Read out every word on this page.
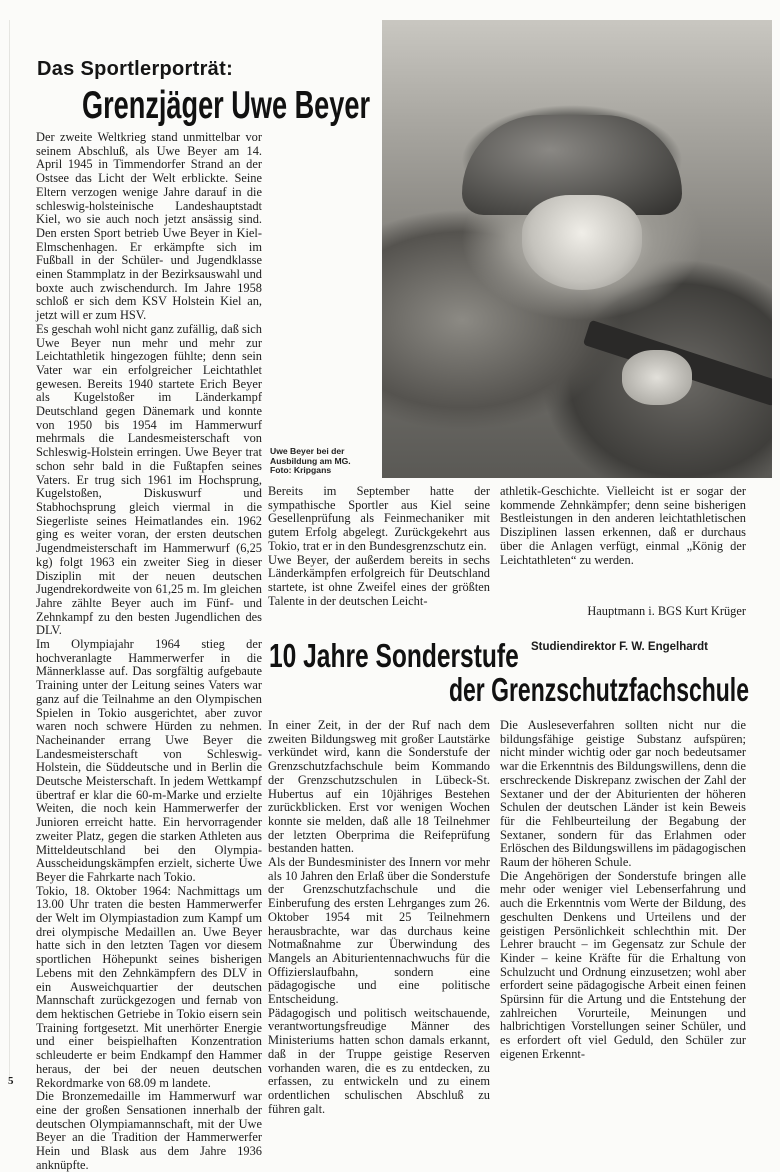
Das Sportlerporträt:
Grenzjäger Uwe Beyer

Der zweite Weltkrieg stand unmittelbar vor seinem Abschluß, als Uwe Beyer am 14. April 1945 in Timmendorfer Strand an der Ostsee das Licht der Welt erblickte. Seine Eltern verzogen wenige Jahre darauf in die schleswig-holsteinische Landeshauptstadt Kiel, wo sie auch noch jetzt ansässig sind. Den ersten Sport betrieb Uwe Beyer in Kiel-Elmschenhagen. Er erkämpfte sich im Fußball in der Schüler- und Jugendklasse einen Stammplatz in der Bezirksauswahl und boxte auch zwischendurch. Im Jahre 1958 schloß er sich dem KSV Holstein Kiel an, jetzt will er zum HSV.

Es geschah wohl nicht ganz zufällig, daß sich Uwe Beyer nun mehr und mehr zur Leichtathletik hingezogen fühlte; denn sein Vater war ein erfolgreicher Leichtathlet gewesen. Bereits 1940 startete Erich Beyer als Kugelstoßer im Länderkampf Deutschland gegen Dänemark und konnte von 1950 bis 1954 im Hammerwurf mehrmals die Landesmeisterschaft von Schleswig-Holstein erringen. Uwe Beyer trat schon sehr bald in die Fußtapfen seines Vaters. Er trug sich 1961 im Hochsprung, Kugelstoßen, Diskuswurf und Stabhochsprung gleich viermal in die Siegerliste seines Heimatlandes ein. 1962 ging es weiter voran, der ersten deutschen Jugendmeisterschaft im Hammerwurf (6,25 kg) folgt 1963 ein zweiter Sieg in dieser Disziplin mit der neuen deutschen Jugendrekordweite von 61,25 m. Im gleichen Jahre zählte Beyer auch im Fünf- und Zehnkampf zu den besten Jugendlichen des DLV.

Im Olympiajahr 1964 stieg der hochveranlagte Hammerwerfer in die Männerklasse auf. Das sorgfältig aufgebaute Training unter der Leitung seines Vaters war ganz auf die Teilnahme an den Olympischen Spielen in Tokio ausgerichtet, aber zuvor waren noch schwere Hürden zu nehmen. Nacheinander errang Uwe Beyer die Landesmeisterschaft von Schleswig-Holstein, die Süddeutsche und in Berlin die Deutsche Meisterschaft. In jedem Wettkampf übertraf er klar die 60-m-Marke und erzielte Weiten, die noch kein Hammerwerfer der Junioren erreicht hatte. Ein hervorragender zweiter Platz, gegen die starken Athleten aus Mitteldeutschland bei den Olympia-Ausscheidungskämpfen erzielt, sicherte Uwe Beyer die Fahrkarte nach Tokio.

Tokio, 18. Oktober 1964: Nachmittags um 13.00 Uhr traten die besten Hammerwerfer der Welt im Olympiastadion zum Kampf um drei olympische Medaillen an. Uwe Beyer hatte sich in den letzten Tagen vor diesem sportlichen Höhepunkt seines bisherigen Lebens mit den Zehnkämpfern des DLV in ein Ausweichquartier der deutschen Mannschaft zurückgezogen und fernab von dem hektischen Getriebe in Tokio eisern sein Training fortgesetzt. Mit unerhörter Energie und einer beispielhaften Konzentration schleuderte er beim Endkampf den Hammer heraus, der bei der neuen deutschen Rekordmarke von 68.09 m landete.

Die Bronzemedaille im Hammerwurf war eine der großen Sensationen innerhalb der deutschen Olympiamannschaft, mit der Uwe Beyer an die Tradition der Hammerwerfer Hein und Blask aus dem Jahre 1936 anknüpfte.

Uwe Beyer bei der Ausbildung am MG.
Foto: Kripgans

Bereits im September hatte der sympathische Sportler aus Kiel seine Gesellenprüfung als Feinmechaniker mit gutem Erfolg abgelegt. Zurückgekehrt aus Tokio, trat er in den Bundesgrenzschutz ein.

Uwe Beyer, der außerdem bereits in sechs Länderkämpfen erfolgreich für Deutschland startete, ist ohne Zweifel eines der größten Talente in der deutschen Leicht-

athletik-Geschichte. Vielleicht ist er sogar der kommende Zehnkämpfer; denn seine bisherigen Bestleistungen in den anderen leichtathletischen Disziplinen lassen erkennen, daß er durchaus über die Anlagen verfügt, einmal „König der Leichtathleten“ zu werden.

Hauptmann i. BGS Kurt Krüger
10 Jahre Sonderstufe Studiendirektor F. W. Engelhardt
der Grenzschutzfachschule

In einer Zeit, in der der Ruf nach dem zweiten Bildungsweg mit großer Lautstärke verkündet wird, kann die Sonderstufe der Grenzschutzfachschule beim Kommando der Grenzschutzschulen in Lübeck-St. Hubertus auf ein 10jähriges Bestehen zurückblicken. Erst vor wenigen Wochen konnte sie melden, daß alle 18 Teilnehmer der letzten Oberprima die Reifeprüfung bestanden hatten.

Als der Bundesminister des Innern vor mehr als 10 Jahren den Erlaß über die Sonderstufe der Grenzschutzfachschule und die Einberufung des ersten Lehrganges zum 26. Oktober 1954 mit 25 Teilnehmern herausbrachte, war das durchaus keine Notmaßnahme zur Überwindung des Mangels an Abiturientennachwuchs für die Offizierslaufbahn, sondern eine pädagogische und eine politische Entscheidung.

Pädagogisch und politisch weitschauende, verantwortungsfreudige Männer des Ministeriums hatten schon damals erkannt, daß in der Truppe geistige Reserven vorhanden waren, die es zu entdecken, zu erfassen, zu entwickeln und zu einem ordentlichen schulischen Abschluß zu führen galt.

Die Ausleseverfahren sollten nicht nur die bildungsfähige geistige Substanz aufspüren; nicht minder wichtig oder gar noch bedeutsamer war die Erkenntnis des Bildungswillens, denn die erschreckende Diskrepanz zwischen der Zahl der Sextaner und der der Abiturienten der höheren Schulen der deutschen Länder ist kein Beweis für die Fehlbeurteilung der Begabung der Sextaner, sondern für das Erlahmen oder Erlöschen des Bildungswillens im pädagogischen Raum der höheren Schule.

Die Angehörigen der Sonderstufe bringen alle mehr oder weniger viel Lebenserfahrung und auch die Erkenntnis vom Werte der Bildung, des geschulten Denkens und Urteilens und der geistigen Persönlichkeit schlechthin mit. Der Lehrer braucht – im Gegensatz zur Schule der Kinder – keine Kräfte für die Erhaltung von Schulzucht und Ordnung einzusetzen; wohl aber erfordert seine pädagogische Arbeit einen feinen Spürsinn für die Artung und die Entstehung der zahlreichen Vorurteile, Meinungen und halbrichtigen Vorstellungen seiner Schüler, und es erfordert oft viel Geduld, den Schüler zur eigenen Erkennt-

5
